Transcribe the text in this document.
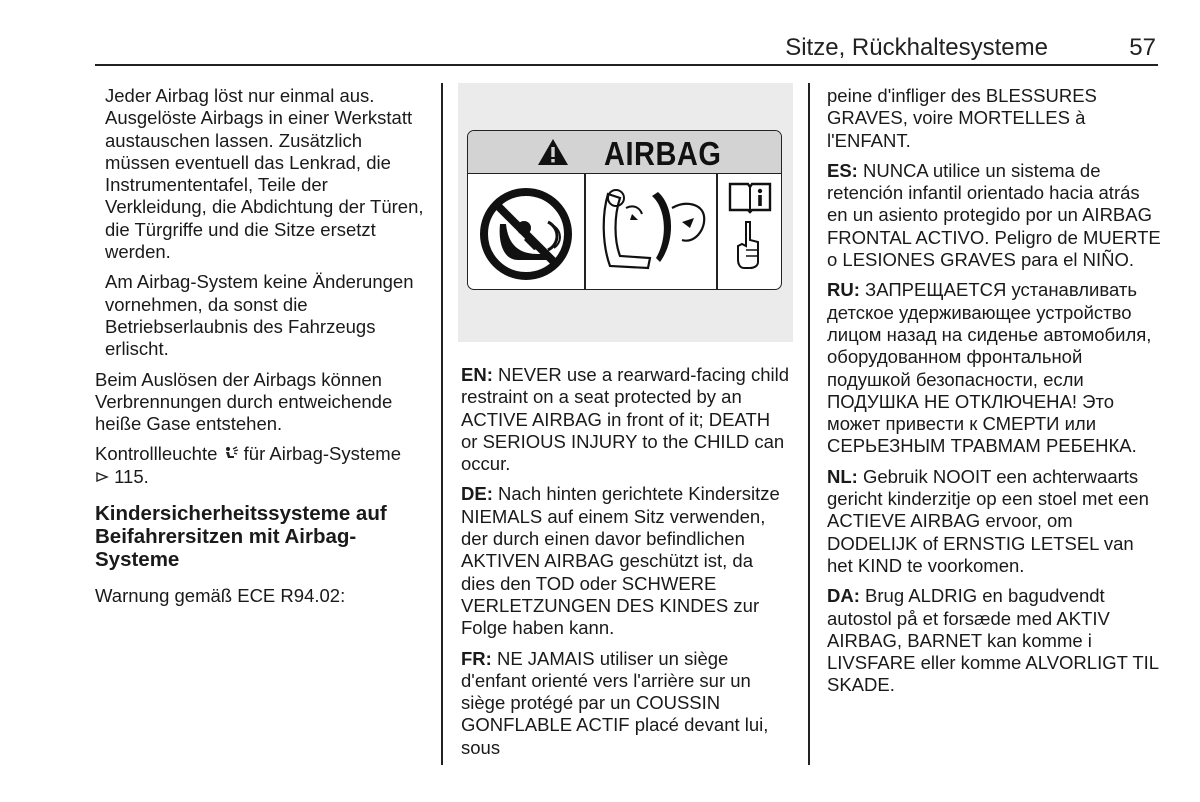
Sitze, Rückhaltesysteme	57

Jeder Airbag löst nur einmal aus. Ausgelöste Airbags in einer Werkstatt austauschen lassen. Zusätzlich müssen eventuell das Lenkrad, die Instrumententafel, Teile der Verkleidung, die Abdichtung der Türen, die Türgriffe und die Sitze ersetzt werden.

Am Airbag-System keine Änderungen vornehmen, da sonst die Betriebserlaubnis des Fahrzeugs erlischt.

Beim Auslösen der Airbags können Verbrennungen durch entweichende heiße Gase entstehen.

Kontrollleuchte für Airbag-Systeme
115.

Kindersicherheitssysteme auf Beifahrersitzen mit Airbag-Systeme

Warnung gemäß ECE R94.02:

AIRBAG

EN: NEVER use a rearward-facing child restraint on a seat protected by an ACTIVE AIRBAG in front of it; DEATH or SERIOUS INJURY to the CHILD can occur.

DE: Nach hinten gerichtete Kindersitze NIEMALS auf einem Sitz verwenden, der durch einen davor befindlichen AKTIVEN AIRBAG geschützt ist, da dies den TOD oder SCHWERE VERLETZUNGEN DES KINDES zur Folge haben kann.

FR: NE JAMAIS utiliser un siège d'enfant orienté vers l'arrière sur un siège protégé par un COUSSIN GONFLABLE ACTIF placé devant lui, sous

peine d'infliger des BLESSURES GRAVES, voire MORTELLES à l'ENFANT.

ES: NUNCA utilice un sistema de retención infantil orientado hacia atrás en un asiento protegido por un AIRBAG FRONTAL ACTIVO. Peligro de MUERTE o LESIONES GRAVES para el NIÑO.

RU: ЗАПРЕЩАЕТСЯ устанавливать детское удерживающее устройство лицом назад на сиденье автомобиля, оборудованном фронтальной подушкой безопасности, если ПОДУШКА НЕ ОТКЛЮЧЕНА! Это может привести к СМЕРТИ или СЕРЬЕЗНЫМ ТРАВМАМ РЕБЕНКА.

NL: Gebruik NOOIT een achterwaarts gericht kinderzitje op een stoel met een ACTIEVE AIRBAG ervoor, om DODELIJK of ERNSTIG LETSEL van het KIND te voorkomen.

DA: Brug ALDRIG en bagudvendt autostol på et forsæde med AKTIV AIRBAG, BARNET kan komme i LIVSFARE eller komme ALVORLIGT TIL SKADE.
